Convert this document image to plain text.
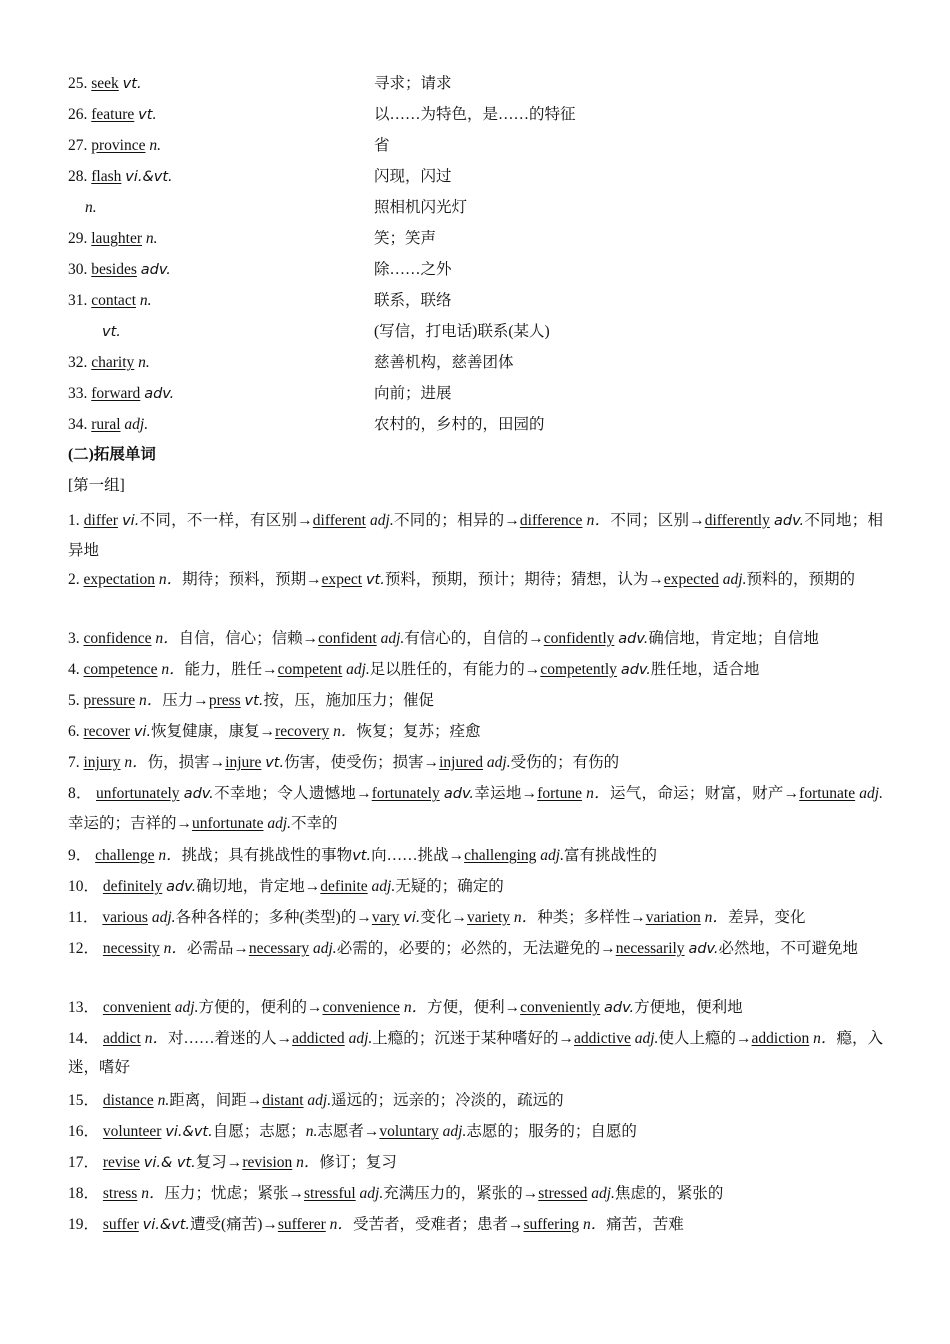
25. seek vt.	寻求；请求
26. feature vt.	以……为特色，是……的特征
27. province n.	省
28. flash vi.&vt.	闪现，闪过
n.	照相机闪光灯
29. laughter n.	笑；笑声
30. besides adv.	除……之外
31. contact n.	联系，联络
vt.	(写信，打电话)联系(某人)
32. charity n.	慈善机构，慈善团体
33. forward adv.	向前；进展
34. rural adj.	农村的，乡村的，田园的
(二)拓展单词
[第一组]
1. differ vi.不同，不一样，有区别→different adj.不同的；相异的→difference n．不同；区别→differently adv.不同地；相异地
2. expectation n．期待；预料，预期→expect vt.预料，预期，预计；期待；猜想，认为→expected adj.预料的，预期的
3. confidence n．自信，信心；信赖→confident adj.有信心的，自信的→confidently adv.确信地，肯定地；自信地
4. competence n．能力，胜任→competent adj.足以胜任的，有能力的→competently adv.胜任地，适合地
5. pressure n．压力→press vt.按，压，施加压力；催促
6. recover vi.恢复健康，康复→recovery n．恢复；复苏；痊愈
7. injury n．伤，损害→injure vt.伤害，使受伤；损害→injured adj.受伤的；有伤的
8． unfortunately adv.不幸地；令人遗憾地→fortunately adv.幸运地→fortune n．运气，命运；财富，财产→fortunate adj.幸运的；吉祥的→unfortunate adj.不幸的
9． challenge n．挑战；具有挑战性的事物vt.向……挑战→challenging adj.富有挑战性的
10． definitely adv.确切地，肯定地→definite adj.无疑的；确定的
11． various adj.各种各样的；多种(类型)的→vary vi.变化→variety n．种类；多样性→variation n．差异，变化
12． necessity n．必需品→necessary adj.必需的，必要的；必然的，无法避免的→necessarily adv.必然地，不可避免地
13． convenient adj.方便的，便利的→convenience n．方便，便利→conveniently adv.方便地，便利地
14． addict n．对……着迷的人→addicted adj.上瘾的；沉迷于某种嗜好的→addictive adj.使人上瘾的→addiction n．瘾，入迷，嗜好
15． distance n.距离，间距→distant adj.遥远的；远亲的；冷淡的，疏远的
16． volunteer vi.&vt.自愿；志愿；n.志愿者→voluntary adj.志愿的；服务的；自愿的
17． revise vi.& vt.复习→revision n．修订；复习
18． stress n．压力；忧虑；紧张→stressful adj.充满压力的，紧张的→stressed adj.焦虑的，紧张的
19． suffer vi.&vt.遭受(痛苦)→sufferer n．受苦者，受难者；患者→suffering n．痛苦，苦难
